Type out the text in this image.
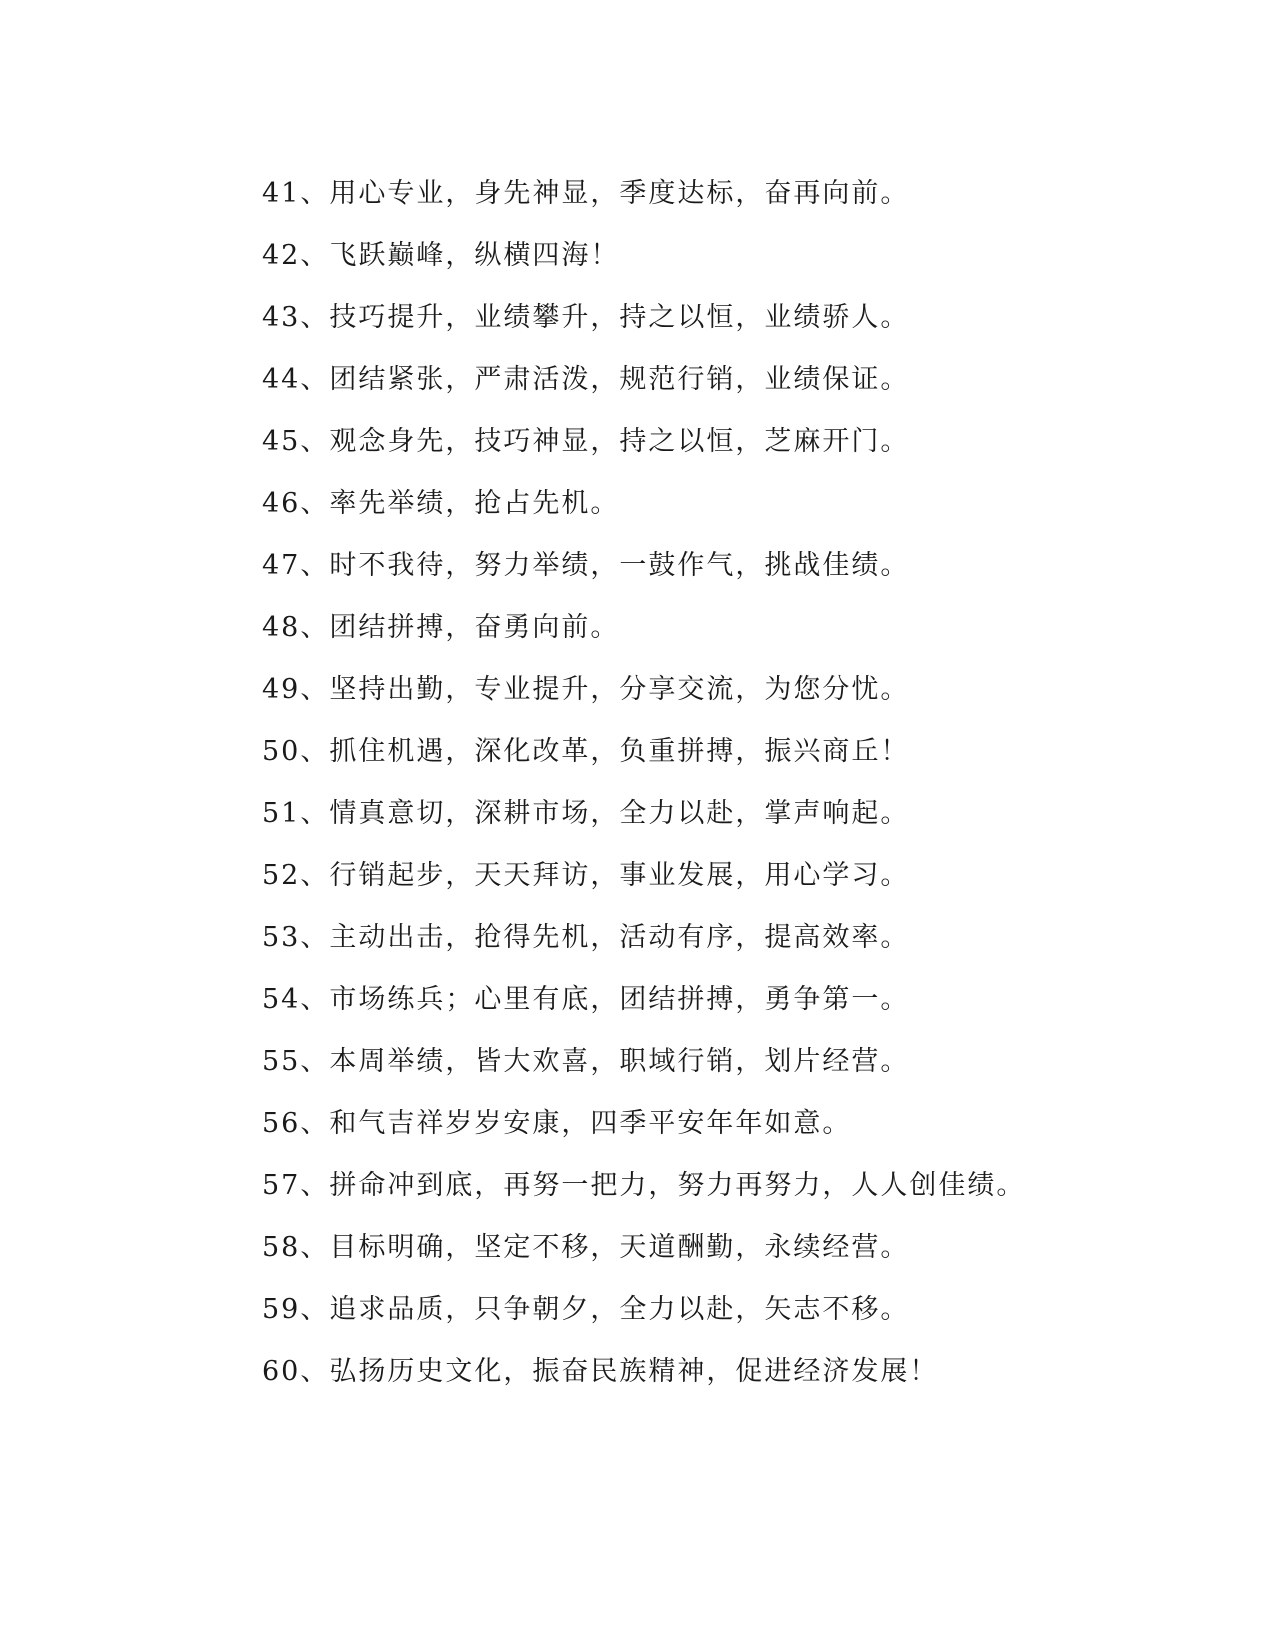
41、用心专业，身先神显，季度达标，奋再向前。
42、飞跃巅峰，纵横四海！
43、技巧提升，业绩攀升，持之以恒，业绩骄人。
44、团结紧张，严肃活泼，规范行销，业绩保证。
45、观念身先，技巧神显，持之以恒，芝麻开门。
46、率先举绩，抢占先机。
47、时不我待，努力举绩，一鼓作气，挑战佳绩。
48、团结拼搏，奋勇向前。
49、坚持出勤，专业提升，分享交流，为您分忧。
50、抓住机遇，深化改革，负重拼搏，振兴商丘！
51、情真意切，深耕市场，全力以赴，掌声响起。
52、行销起步，天天拜访，事业发展，用心学习。
53、主动出击，抢得先机，活动有序，提高效率。
54、市场练兵；心里有底，团结拼搏，勇争第一。
55、本周举绩，皆大欢喜，职域行销，划片经营。
56、和气吉祥岁岁安康，四季平安年年如意。
57、拼命冲到底，再努一把力，努力再努力，人人创佳绩。
58、目标明确，坚定不移，天道酬勤，永续经营。
59、追求品质，只争朝夕，全力以赴，矢志不移。
60、弘扬历史文化，振奋民族精神，促进经济发展！
